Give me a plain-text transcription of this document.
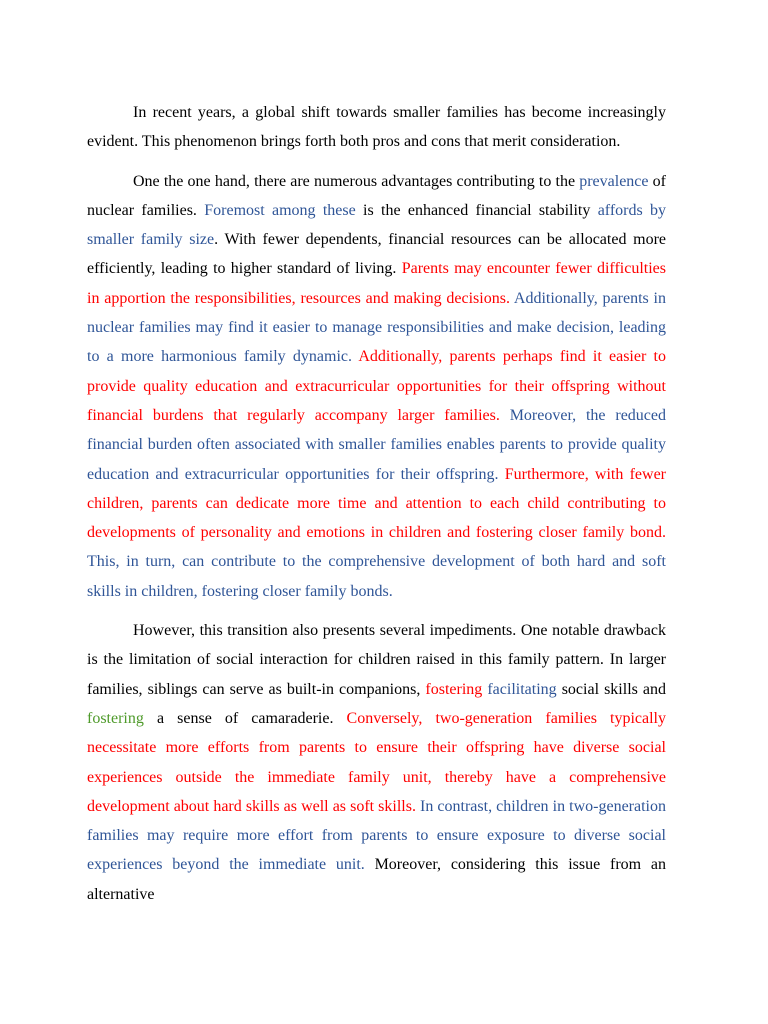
In recent years, a global shift towards smaller families has become increasingly evident. This phenomenon brings forth both pros and cons that merit consideration.

One the one hand, there are numerous advantages contributing to the prevalence of nuclear families. Foremost among these is the enhanced financial stability affords by smaller family size. With fewer dependents, financial resources can be allocated more efficiently, leading to higher standard of living. Parents may encounter fewer difficulties in apportion the responsibilities, resources and making decisions. Additionally, parents in nuclear families may find it easier to manage responsibilities and make decision, leading to a more harmonious family dynamic. Additionally, parents perhaps find it easier to provide quality education and extracurricular opportunities for their offspring without financial burdens that regularly accompany larger families. Moreover, the reduced financial burden often associated with smaller families enables parents to provide quality education and extracurricular opportunities for their offspring. Furthermore, with fewer children, parents can dedicate more time and attention to each child contributing to developments of personality and emotions in children and fostering closer family bond. This, in turn, can contribute to the comprehensive development of both hard and soft skills in children, fostering closer family bonds.

However, this transition also presents several impediments. One notable drawback is the limitation of social interaction for children raised in this family pattern. In larger families, siblings can serve as built-in companions, fostering facilitating social skills and fostering a sense of camaraderie. Conversely, two-generation families typically necessitate more efforts from parents to ensure their offspring have diverse social experiences outside the immediate family unit, thereby have a comprehensive development about hard skills as well as soft skills. In contrast, children in two-generation families may require more effort from parents to ensure exposure to diverse social experiences beyond the immediate unit. Moreover, considering this issue from an alternative
